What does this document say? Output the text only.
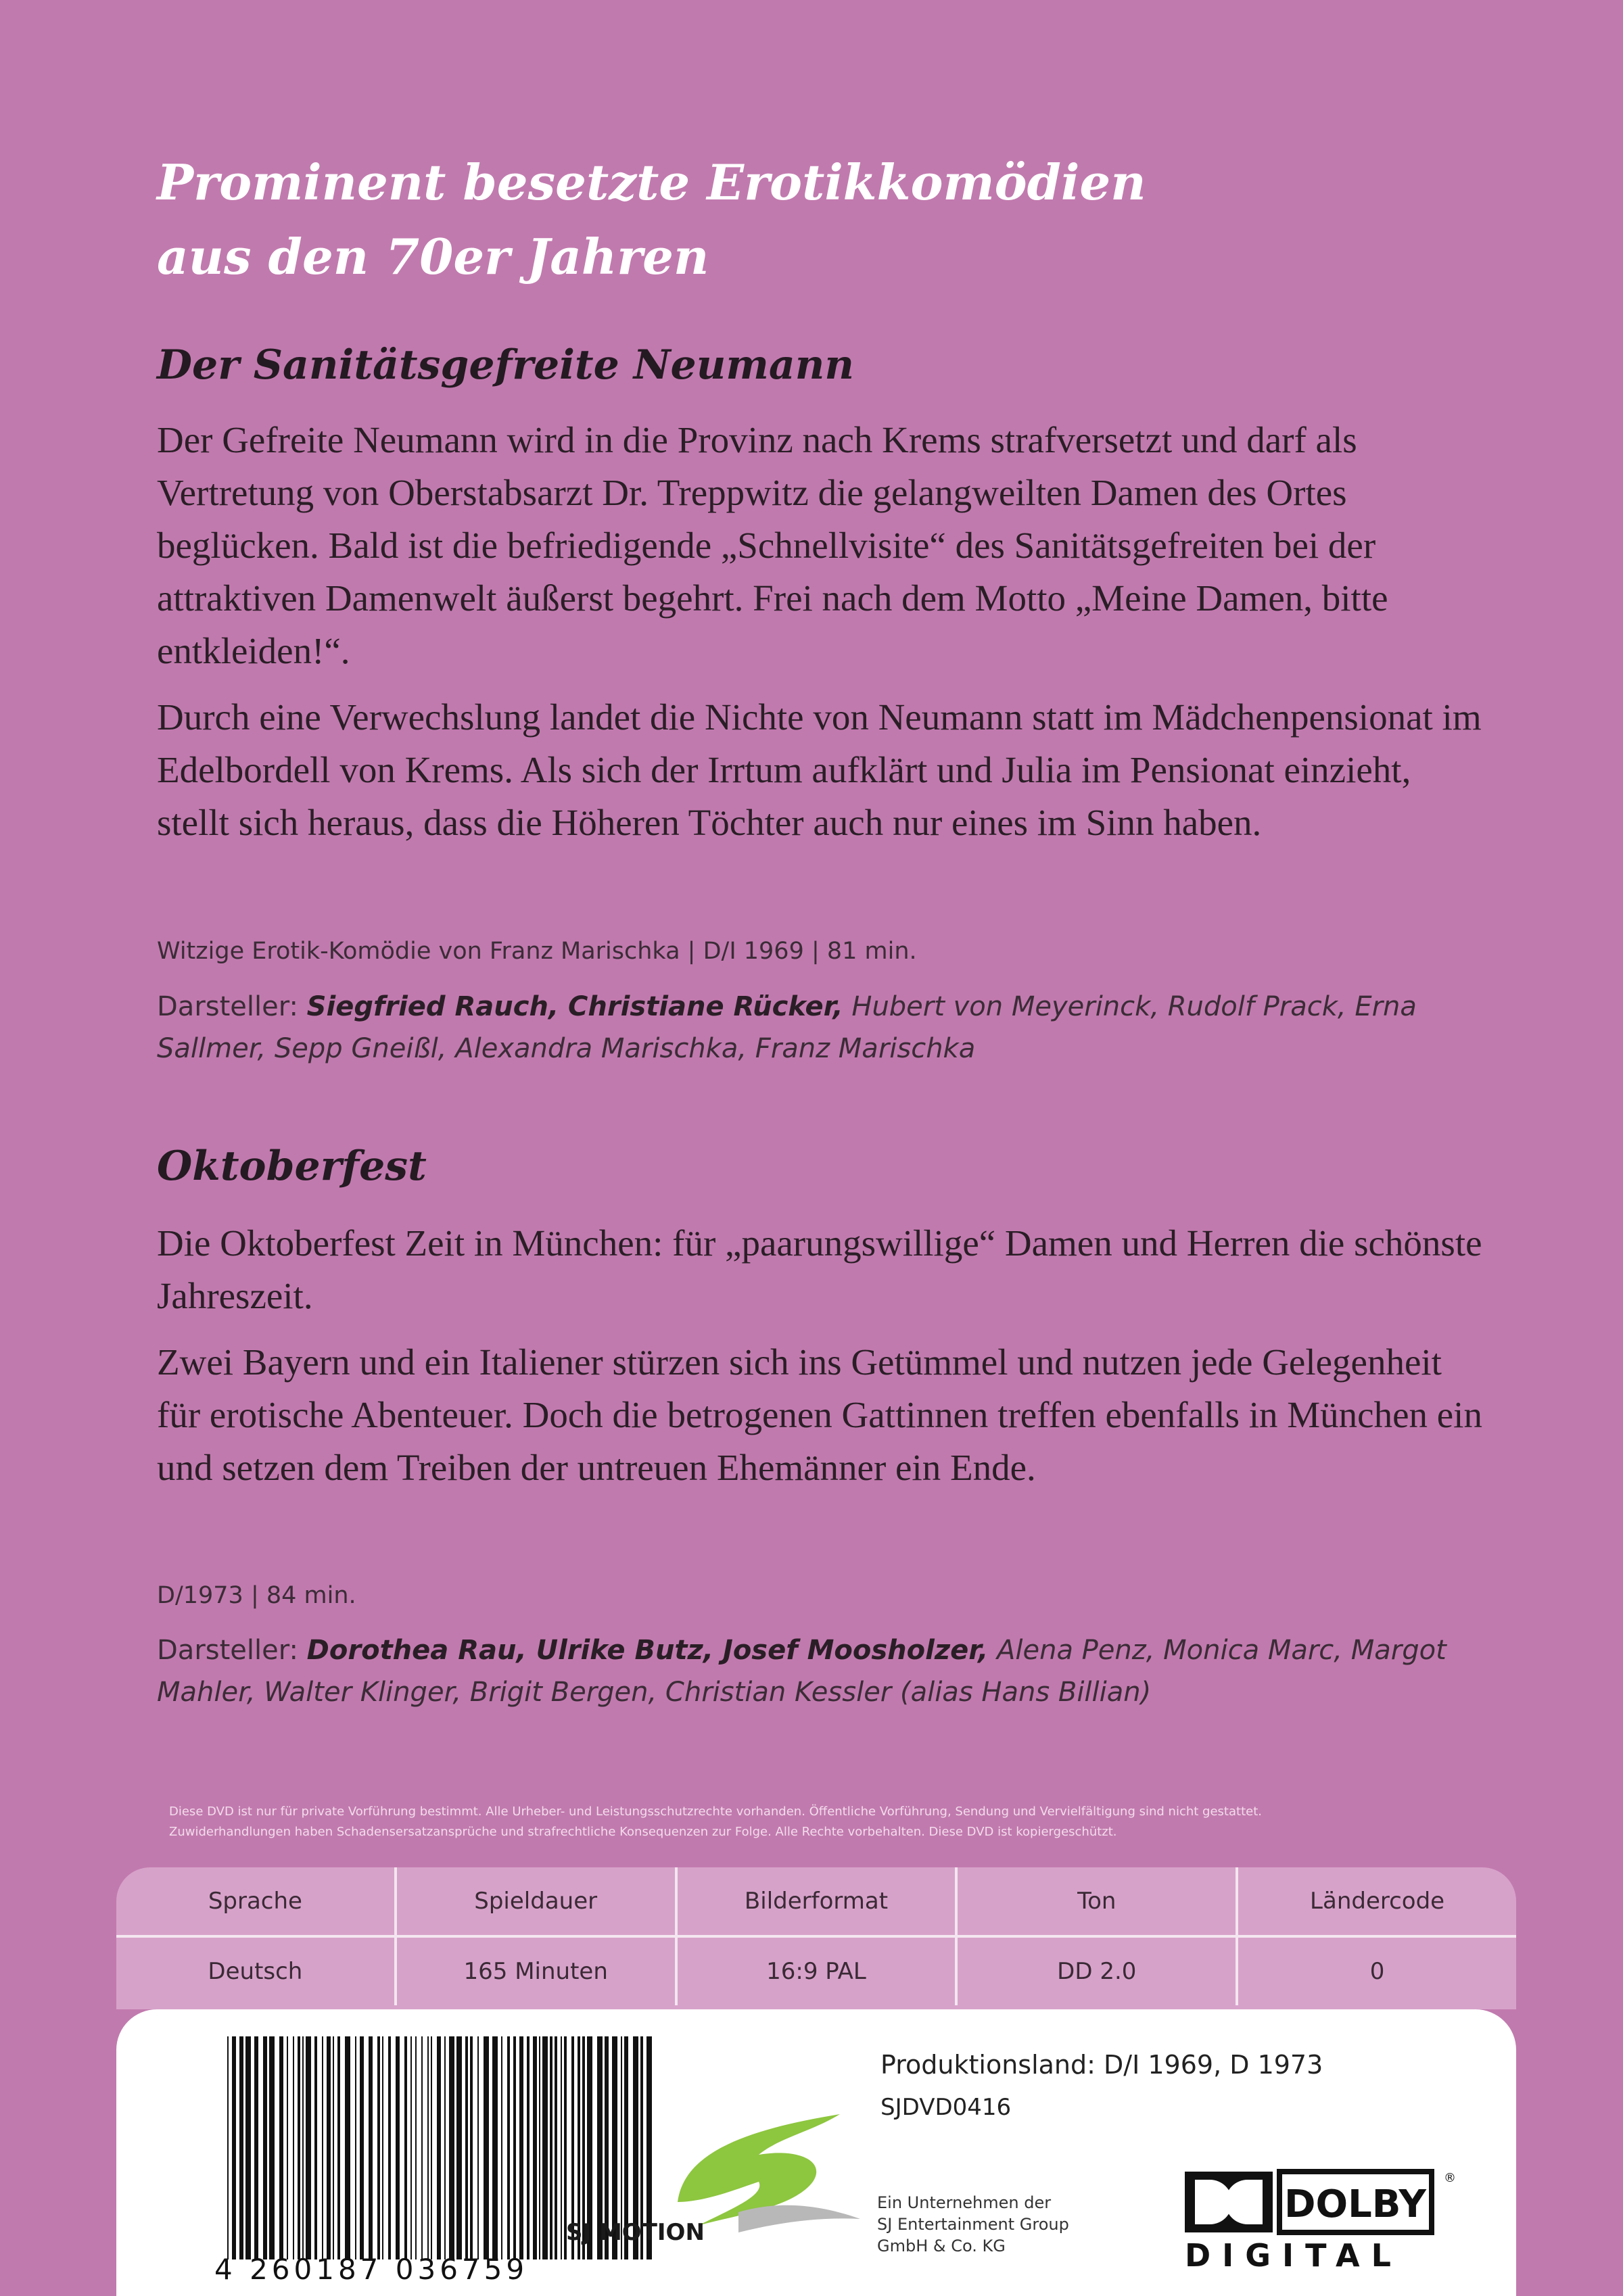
Prominent besetzte Erotikkomödien
aus den 70er Jahren
Der Sanitätsgefreite Neumann

Der Gefreite Neumann wird in die Provinz nach Krems strafversetzt und darf als Vertretung von Oberstabsarzt Dr. Treppwitz die gelangweilten Damen des Ortes beglücken. Bald ist die befriedigende „Schnellvisite“ des Sanitätsgefreiten bei der attraktiven Damenwelt äußerst begehrt. Frei nach dem Motto „Meine Damen, bitte entkleiden!“.

Durch eine Verwechslung landet die Nichte von Neumann statt im Mädchenpensionat im Edelbordell von Krems. Als sich der Irrtum aufklärt und Julia im Pensionat einzieht, stellt sich heraus, dass die Höheren Töchter auch nur eines im Sinn haben.

Witzige Erotik-Komödie von Franz Marischka | D/I 1969 | 81 min.
Darsteller: Siegfried Rauch, Christiane Rücker, Hubert von Meyerinck, Rudolf Prack, Erna Sallmer, Sepp Gneißl, Alexandra Marischka, Franz Marischka
Oktoberfest

Die Oktoberfest Zeit in München: für „paarungswillige“ Damen und Herren die schönste Jahreszeit.

Zwei Bayern und ein Italiener stürzen sich ins Getümmel und nutzen jede Gelegenheit für erotische Abenteuer. Doch die betrogenen Gattinnen treffen ebenfalls in München ein und setzen dem Treiben der untreuen Ehemänner ein Ende.

D/1973 | 84 min.
Darsteller: Dorothea Rau, Ulrike Butz, Josef Moosholzer, Alena Penz, Monica Marc, Margot Mahler, Walter Klinger, Brigit Bergen, Christian Kessler (alias Hans Billian)
Diese DVD ist nur für private Vorführung bestimmt. Alle Urheber- und Leistungsschutzrechte vorhanden. Öffentliche Vorführung, Sendung und Vervielfältigung sind nicht gestattet.
Zuwiderhandlungen haben Schadensersatzansprüche und strafrechtliche Konsequenzen zur Folge. Alle Rechte vorbehalten. Diese DVD ist kopiergeschützt.
Sprache	Spieldauer	Bilderformat	Ton	Ländercode
Deutsch	165 Minuten	16:9 PAL	DD 2.0	0
4 260187 036759
Produktionsland: D/I 1969, D 1973
SJDVD0416
SJ MOTION
Ein Unternehmen der
SJ Entertainment Group
GmbH & Co. KG
DOLBY
®
DIGITAL
